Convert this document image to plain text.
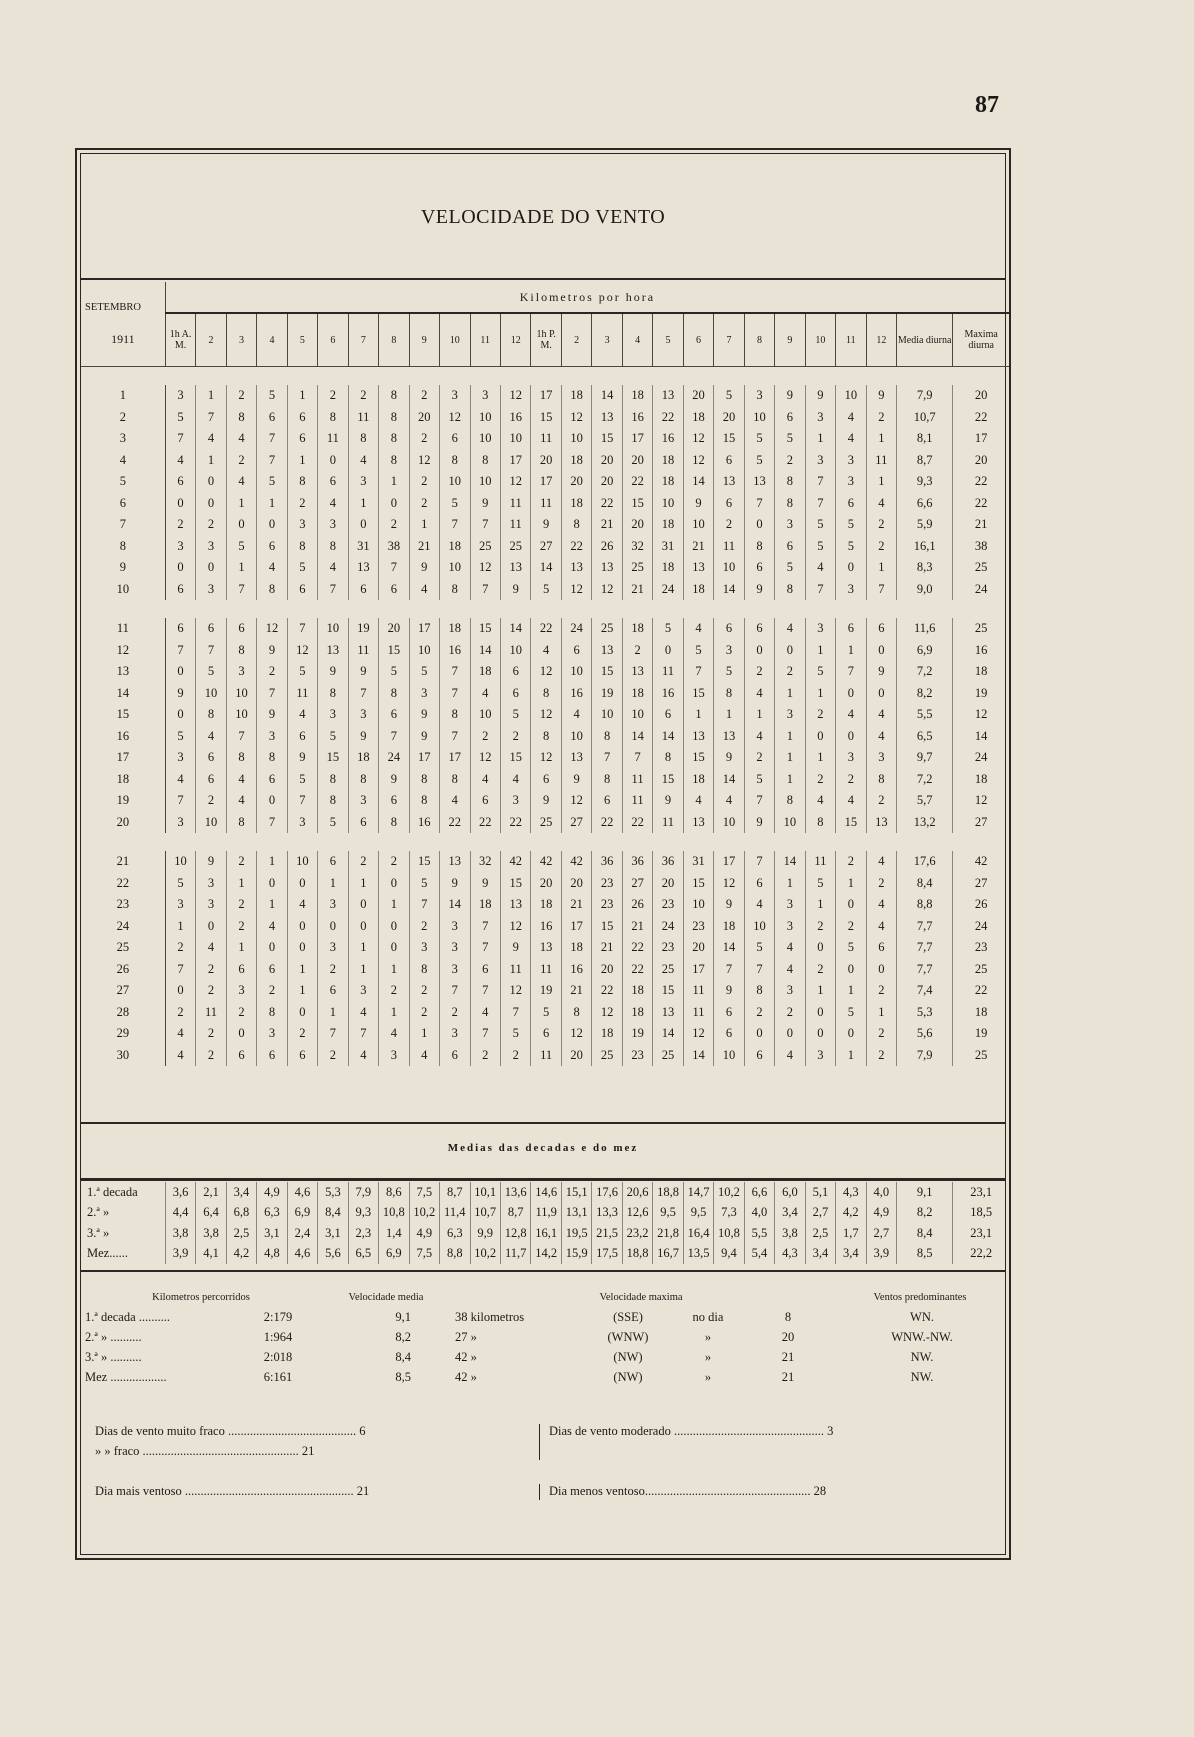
87
VELOCIDADE DO VENTO
SETEMBRO	Kilometros por hora																									
1911	1h A. M.	2	3	4	5	6	7	8	9	10	11	12	1h P. M.	2	3	4	5	6	7	8	9	10	11	12	Media diurna	Maxima diurna

1	3	1	2	5	1	2	2	8	2	3	3	12	17	18	14	18	13	20	5	3	9	9	10	9	7,9	20
2	5	7	8	6	6	8	11	8	20	12	10	16	15	12	13	16	22	18	20	10	6	3	4	2	10,7	22
3	7	4	4	7	6	11	8	8	2	6	10	10	11	10	15	17	16	12	15	5	5	1	4	1	8,1	17
4	4	1	2	7	1	0	4	8	12	8	8	17	20	18	20	20	18	12	6	5	2	3	3	11	8,7	20
5	6	0	4	5	8	6	3	1	2	10	10	12	17	20	20	22	18	14	13	13	8	7	3	1	9,3	22
6	0	0	1	1	2	4	1	0	2	5	9	11	11	18	22	15	10	9	6	7	8	7	6	4	6,6	22
7	2	2	0	0	3	3	0	2	1	7	7	11	9	8	21	20	18	10	2	0	3	5	5	2	5,9	21
8	3	3	5	6	8	8	31	38	21	18	25	25	27	22	26	32	31	21	11	8	6	5	5	2	16,1	38
9	0	0	1	4	5	4	13	7	9	10	12	13	14	13	13	25	18	13	10	6	5	4	0	1	8,3	25
10	6	3	7	8	6	7	6	6	4	8	7	9	5	12	12	21	24	18	14	9	8	7	3	7	9,0	24

11	6	6	6	12	7	10	19	20	17	18	15	14	22	24	25	18	5	4	6	6	4	3	6	6	11,6	25
12	7	7	8	9	12	13	11	15	10	16	14	10	4	6	13	2	0	5	3	0	0	1	1	0	6,9	16
13	0	5	3	2	5	9	9	5	5	7	18	6	12	10	15	13	11	7	5	2	2	5	7	9	7,2	18
14	9	10	10	7	11	8	7	8	3	7	4	6	8	16	19	18	16	15	8	4	1	1	0	0	8,2	19
15	0	8	10	9	4	3	3	6	9	8	10	5	12	4	10	10	6	1	1	1	3	2	4	4	5,5	12
16	5	4	7	3	6	5	9	7	9	7	2	2	8	10	8	14	14	13	13	4	1	0	0	4	6,5	14
17	3	6	8	8	9	15	18	24	17	17	12	15	12	13	7	7	8	15	9	2	1	1	3	3	9,7	24
18	4	6	4	6	5	8	8	9	8	8	4	4	6	9	8	11	15	18	14	5	1	2	2	8	7,2	18
19	7	2	4	0	7	8	3	6	8	4	6	3	9	12	6	11	9	4	4	7	8	4	4	2	5,7	12
20	3	10	8	7	3	5	6	8	16	22	22	22	25	27	22	22	11	13	10	9	10	8	15	13	13,2	27

21	10	9	2	1	10	6	2	2	15	13	32	42	42	42	36	36	36	31	17	7	14	11	2	4	17,6	42
22	5	3	1	0	0	1	1	0	5	9	9	15	20	20	23	27	20	15	12	6	1	5	1	2	8,4	27
23	3	3	2	1	4	3	0	1	7	14	18	13	18	21	23	26	23	10	9	4	3	1	0	4	8,8	26
24	1	0	2	4	0	0	0	0	2	3	7	12	16	17	15	21	24	23	18	10	3	2	2	4	7,7	24
25	2	4	1	0	0	3	1	0	3	3	7	9	13	18	21	22	23	20	14	5	4	0	5	6	7,7	23
26	7	2	6	6	1	2	1	1	8	3	6	11	11	16	20	22	25	17	7	7	4	2	0	0	7,7	25
27	0	2	3	2	1	6	3	2	2	7	7	12	19	21	22	18	15	11	9	8	3	1	1	2	7,4	22
28	2	11	2	8	0	1	4	1	2	2	4	7	5	8	12	18	13	11	6	2	2	0	5	1	5,3	18
29	4	2	0	3	2	7	7	4	1	3	7	5	6	12	18	19	14	12	6	0	0	0	0	2	5,6	19
30	4	2	6	6	6	2	4	3	4	6	2	2	11	20	25	23	25	14	10	6	4	3	1	2	7,9	25
Medias das decadas e do mez
1.ª decada	3,6	2,1	3,4	4,9	4,6	5,3	7,9	8,6	7,5	8,7	10,1	13,6	14,6	15,1	17,6	20,6	18,8	14,7	10,2	6,6	6,0	5,1	4,3	4,0	9,1	23,1
2.ª »	4,4	6,4	6,8	6,3	6,9	8,4	9,3	10,8	10,2	11,4	10,7	8,7	11,9	13,1	13,3	12,6	9,5	9,5	7,3	4,0	3,4	2,7	4,2	4,9	8,2	18,5
3.ª »	3,8	3,8	2,5	3,1	2,4	3,1	2,3	1,4	4,9	6,3	9,9	12,8	16,1	19,5	21,5	23,2	21,8	16,4	10,8	5,5	3,8	2,5	1,7	2,7	8,4	23,1
Mez......	3,9	4,1	4,2	4,8	4,6	5,6	6,5	6,9	7,5	8,8	10,2	11,7	14,2	15,9	17,5	18,8	16,7	13,5	9,4	5,4	4,3	3,4	3,4	3,9	8,5	22,2
Kilometros percorridos		Velocidade media		Velocidade maxima				Ventos predominantes
1.ª decada ..........	2:179	9,1		38 kilometros	(SSE)	no dia	8	WN.
2.ª » ..........	1:964	8,2		27 »	(WNW)	»	20	WNW.-NW.
3.ª » ..........	2:018	8,4		42 »	(NW)	»	21	NW.
Mez ..................	6:161	8,5		42 »	(NW)	»	21	NW.
Dias de vento muito fraco ......................................... 6
» » fraco .................................................. 21
Dias de vento moderado ................................................ 3
Dia mais ventoso ...................................................... 21	Dia menos ventoso..................................................... 28
